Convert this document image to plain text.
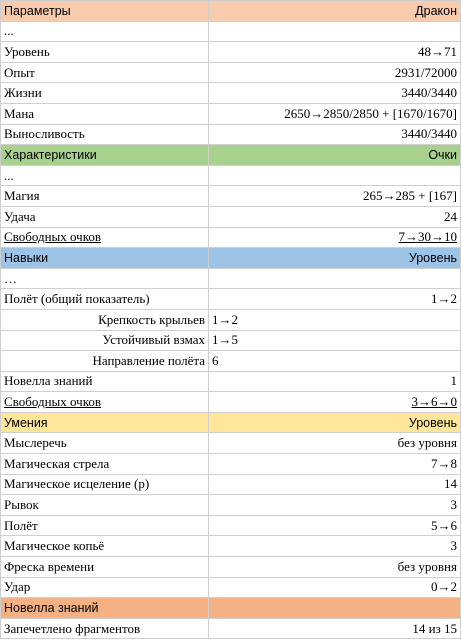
Параметры	Дракон
...	
Уровень	48→71
Опыт	2931/72000
Жизни	3440/3440
Мана	2650→2850/2850 + [1670/1670]
Выносливость	3440/3440
Характеристики	Очки
...	
Магия	265→285 + [167]
Удача	24
Свободных очков	7→30→10
Навыки	Уровень
…	
Полёт (общий показатель)	1→2
Крепкость крыльев	1→2
Устойчивый взмах	1→5
Направление полёта	6
Новелла знаний	1
Свободных очков	3→6→0
Умения	Уровень
Мыслеречь	без уровня
Магическая стрела	7→8
Магическое исцеление (р)	14
Рывок	3
Полёт	5→6
Магическое копьё	3
Фреска времени	без уровня
Удар	0→2
Новелла знаний	
Запечетлено фрагментов	14 из 15
